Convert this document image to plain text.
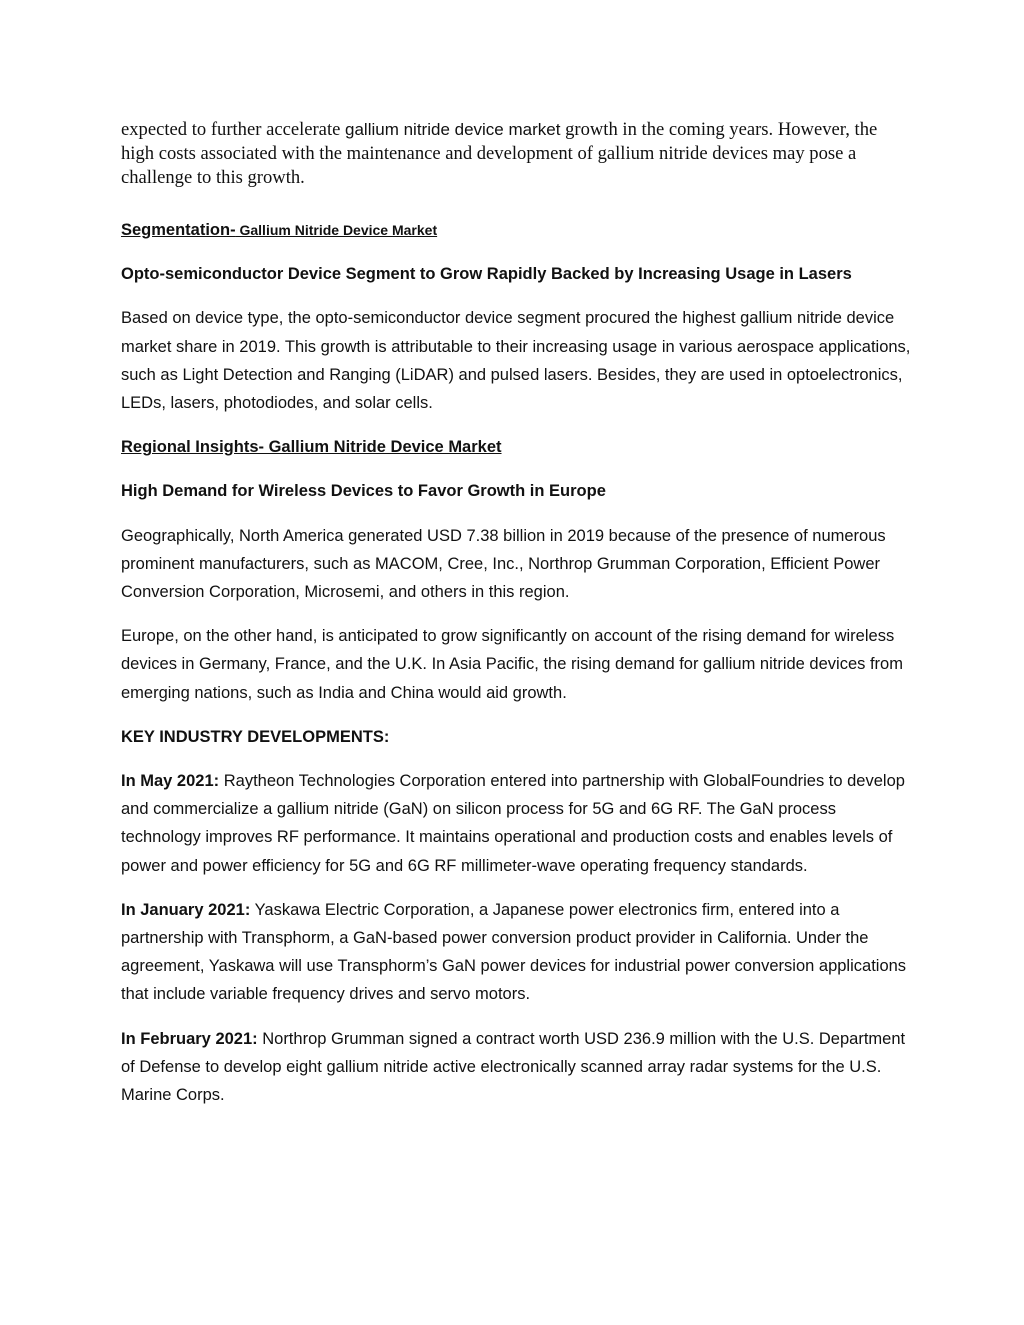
expected to further accelerate gallium nitride device market growth in the coming years. However, the high costs associated with the maintenance and development of gallium nitride devices may pose a challenge to this growth.

Segmentation- Gallium Nitride Device Market

Opto-semiconductor Device Segment to Grow Rapidly Backed by Increasing Usage in Lasers

Based on device type, the opto-semiconductor device segment procured the highest gallium nitride device market share in 2019. This growth is attributable to their increasing usage in various aerospace applications, such as Light Detection and Ranging (LiDAR) and pulsed lasers. Besides, they are used in optoelectronics, LEDs, lasers, photodiodes, and solar cells.

Regional Insights- Gallium Nitride Device Market

High Demand for Wireless Devices to Favor Growth in Europe

Geographically, North America generated USD 7.38 billion in 2019 because of the presence of numerous prominent manufacturers, such as MACOM, Cree, Inc., Northrop Grumman Corporation, Efficient Power Conversion Corporation, Microsemi, and others in this region.

Europe, on the other hand, is anticipated to grow significantly on account of the rising demand for wireless devices in Germany, France, and the U.K. In Asia Pacific, the rising demand for gallium nitride devices from emerging nations, such as India and China would aid growth.

KEY INDUSTRY DEVELOPMENTS:

In May 2021: Raytheon Technologies Corporation entered into partnership with GlobalFoundries to develop and commercialize a gallium nitride (GaN) on silicon process for 5G and 6G RF. The GaN process technology improves RF performance. It maintains operational and production costs and enables levels of power and power efficiency for 5G and 6G RF millimeter-wave operating frequency standards.

In January 2021: Yaskawa Electric Corporation, a Japanese power electronics firm, entered into a partnership with Transphorm, a GaN-based power conversion product provider in California. Under the agreement, Yaskawa will use Transphorm’s GaN power devices for industrial power conversion applications that include variable frequency drives and servo motors.

In February 2021: Northrop Grumman signed a contract worth USD 236.9 million with the U.S. Department of Defense to develop eight gallium nitride active electronically scanned array radar systems for the U.S. Marine Corps.
